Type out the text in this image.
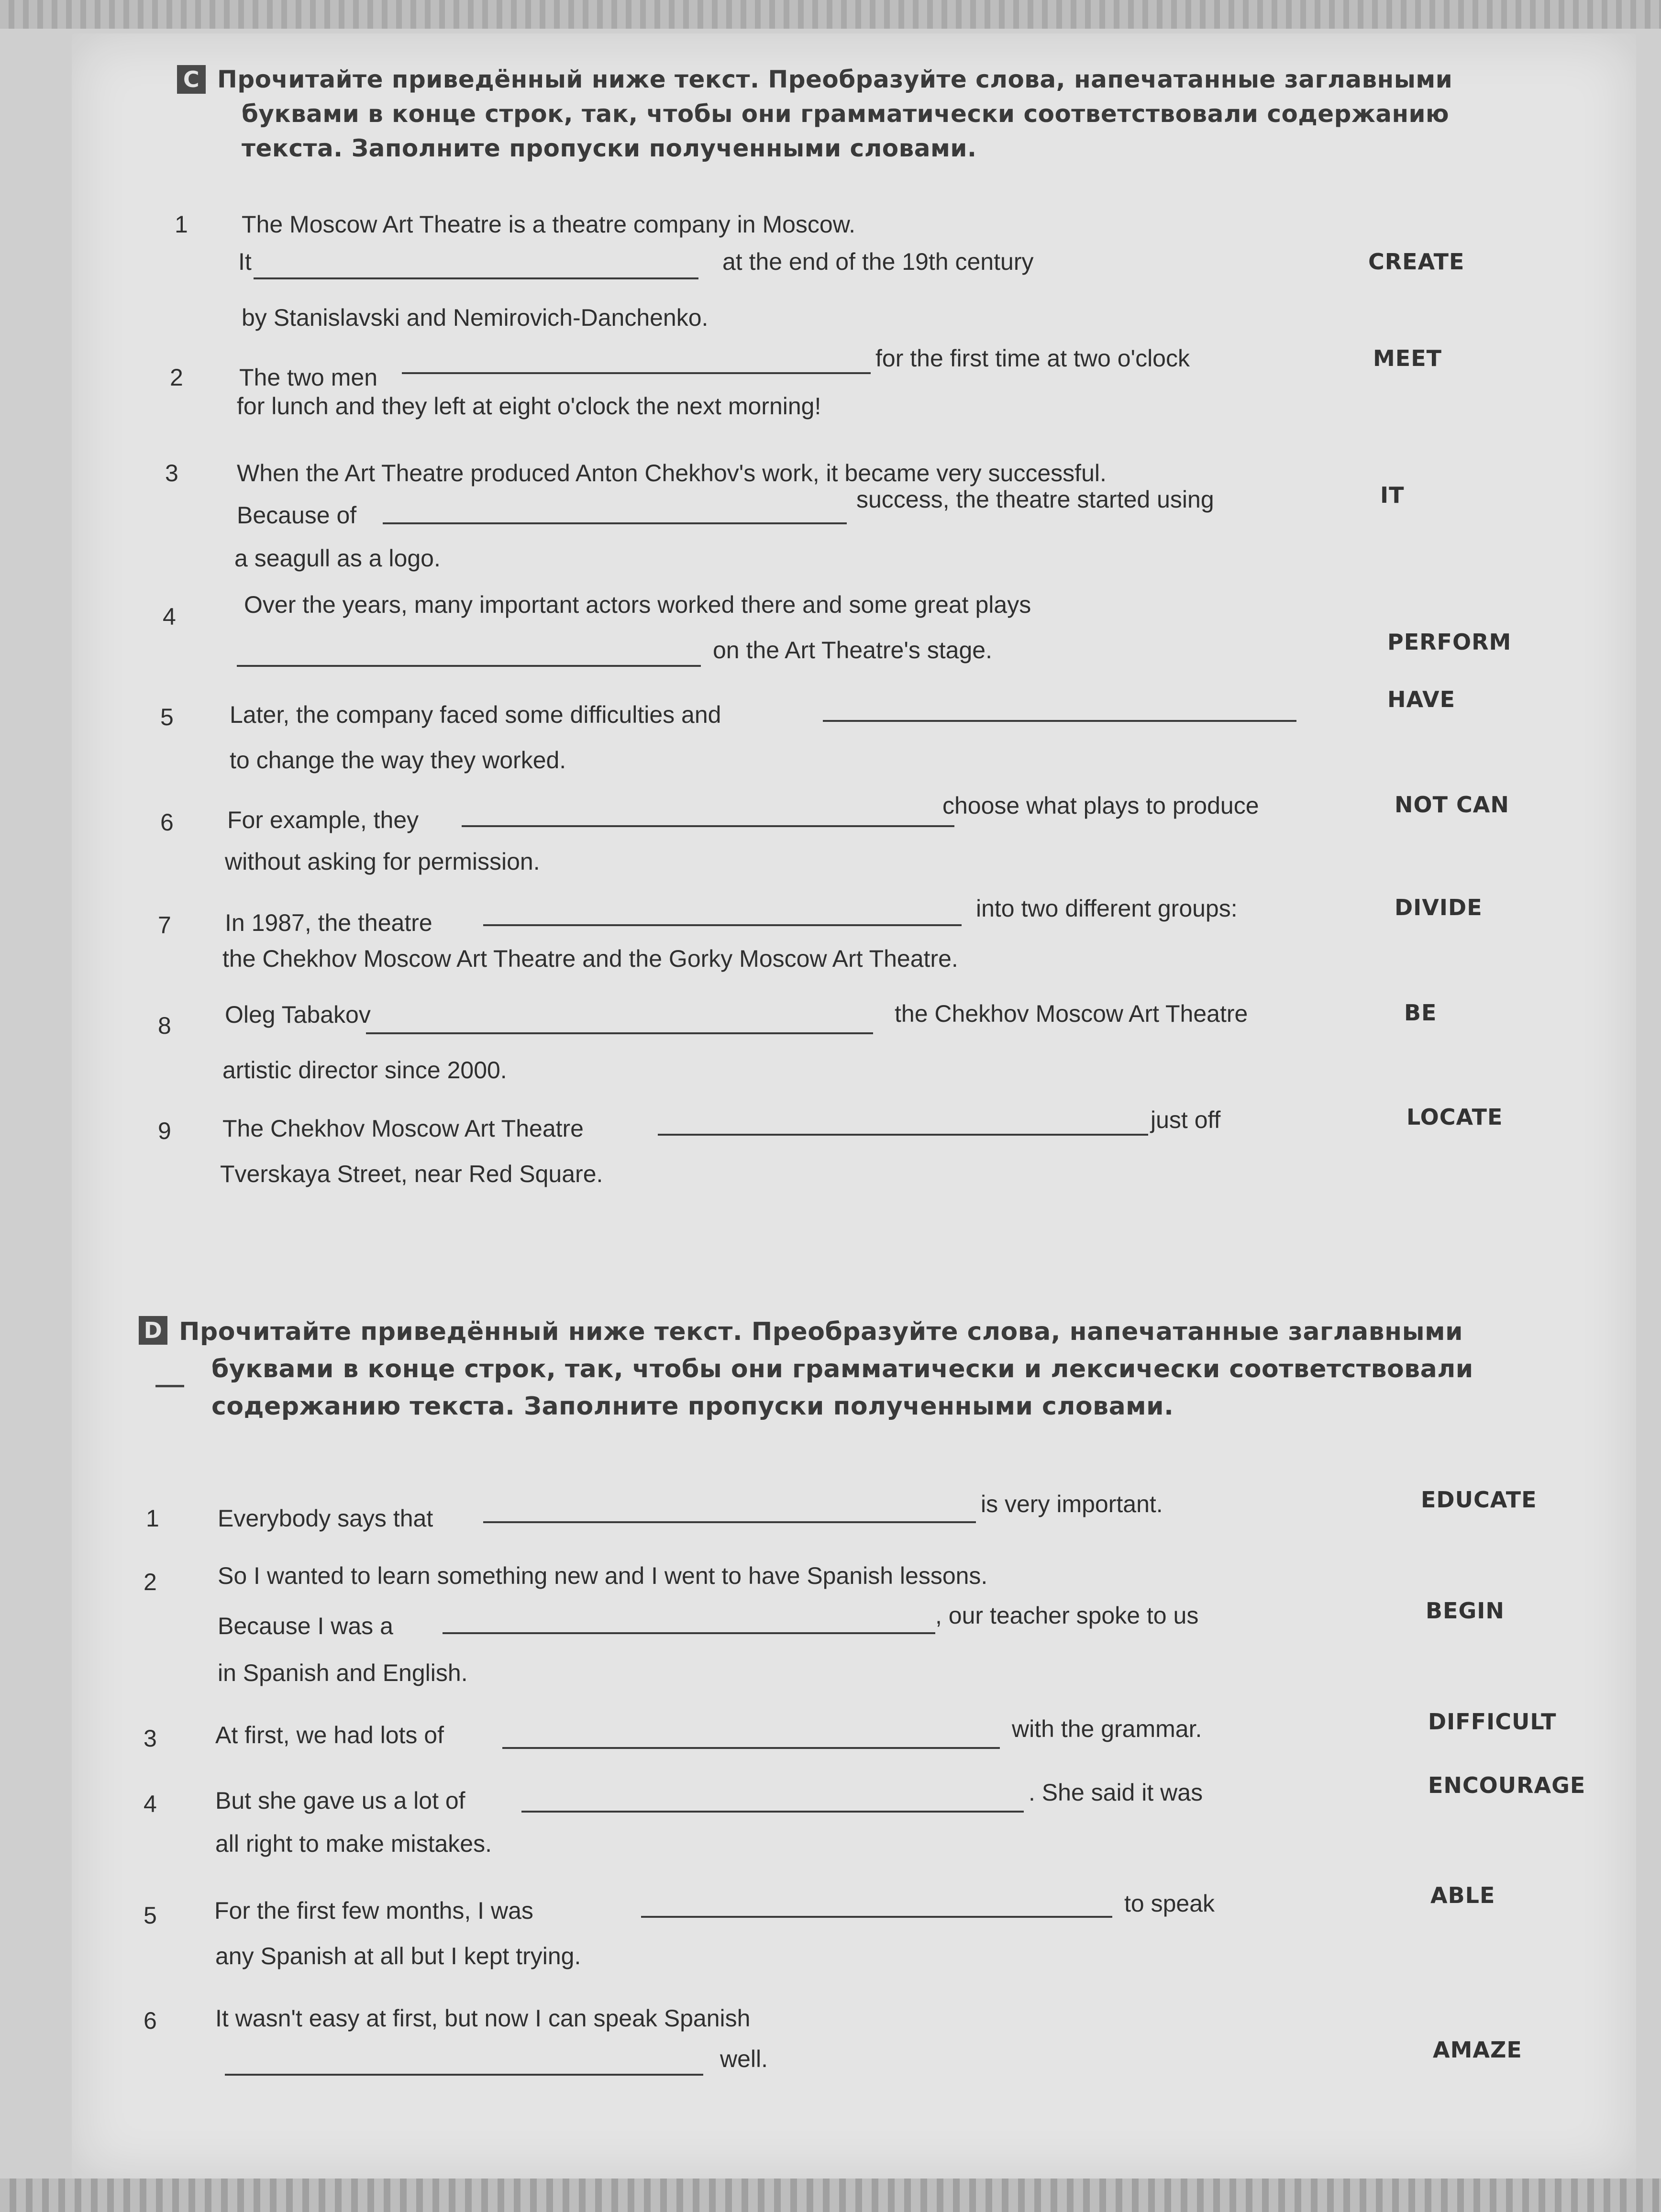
C Прочитайте приведённый ниже текст. Преобразуйте слова, напечатанные заглавными
буквами в конце строк, так, чтобы они грамматически соответствовали содержанию
текста. Заполните пропуски полученными словами.
1 The Moscow Art Theatre is a theatre company in Moscow.
It	at the end of the 19th century	CREATE
by Stanislavski and Nemirovich-Danchenko.
2 The two men
for the first time at two o'clock	MEET
for lunch and they left at eight o'clock the next morning!
3 When the Art Theatre produced Anton Chekhov's work, it became very successful.
Because of
success, the theatre started using	IT
a seagull as a logo.
4	Over the years, many important actors worked there and some great plays
on the Art Theatre's stage.	PERFORM
5 Later, the company faced some difficulties and
HAVE
to change the way they worked.
6 For example, they
choose what plays to produce	NOT CAN
without asking for permission.
7 In 1987, the theatre
into two different groups:	DIVIDE
the Chekhov Moscow Art Theatre and the Gorky Moscow Art Theatre.
8 Oleg Tabakov	the Chekhov Moscow Art Theatre	BE
artistic director since 2000.
9 The Chekhov Moscow Art Theatre	just off	LOCATE
Tverskaya Street, near Red Square.
D Прочитайте приведённый ниже текст. Преобразуйте слова, напечатанные заглавными
буквами в конце строк, так, чтобы они грамматически и лексически соответствовали
содержанию текста. Заполните пропуски полученными словами.
1 Everybody says that
is very important.	EDUCATE
2	So I wanted to learn something new and I went to have Spanish lessons.
Because I was a	, our teacher spoke to us	BEGIN
in Spanish and English.
3 At first, we had lots of	with the grammar.	DIFFICULT
4 But she gave us a lot of	. She said it was	ENCOURAGE
all right to make mistakes.
5 For the first few months, I was	to speak	ABLE
any Spanish at all but I kept trying.
6 It wasn't easy at first, but now I can speak Spanish
well.	AMAZE
